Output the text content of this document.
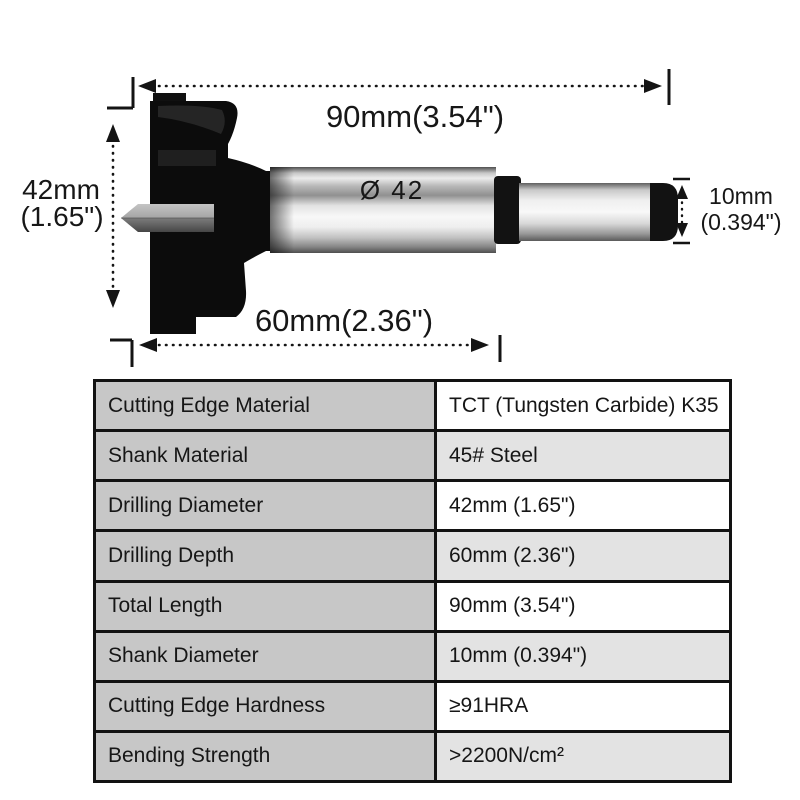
Ø 42
90mm(3.54")
42mm
(1.65")
60mm(2.36")
10mm
(0.394")
Cutting Edge Material	TCT (Tungsten Carbide) K35
Shank Material	45# Steel
Drilling Diameter	42mm (1.65")
Drilling Depth	60mm (2.36")
Total Length	90mm (3.54")
Shank Diameter	10mm (0.394")
Cutting Edge Hardness	≥91HRA
Bending Strength	>2200N/cm²
